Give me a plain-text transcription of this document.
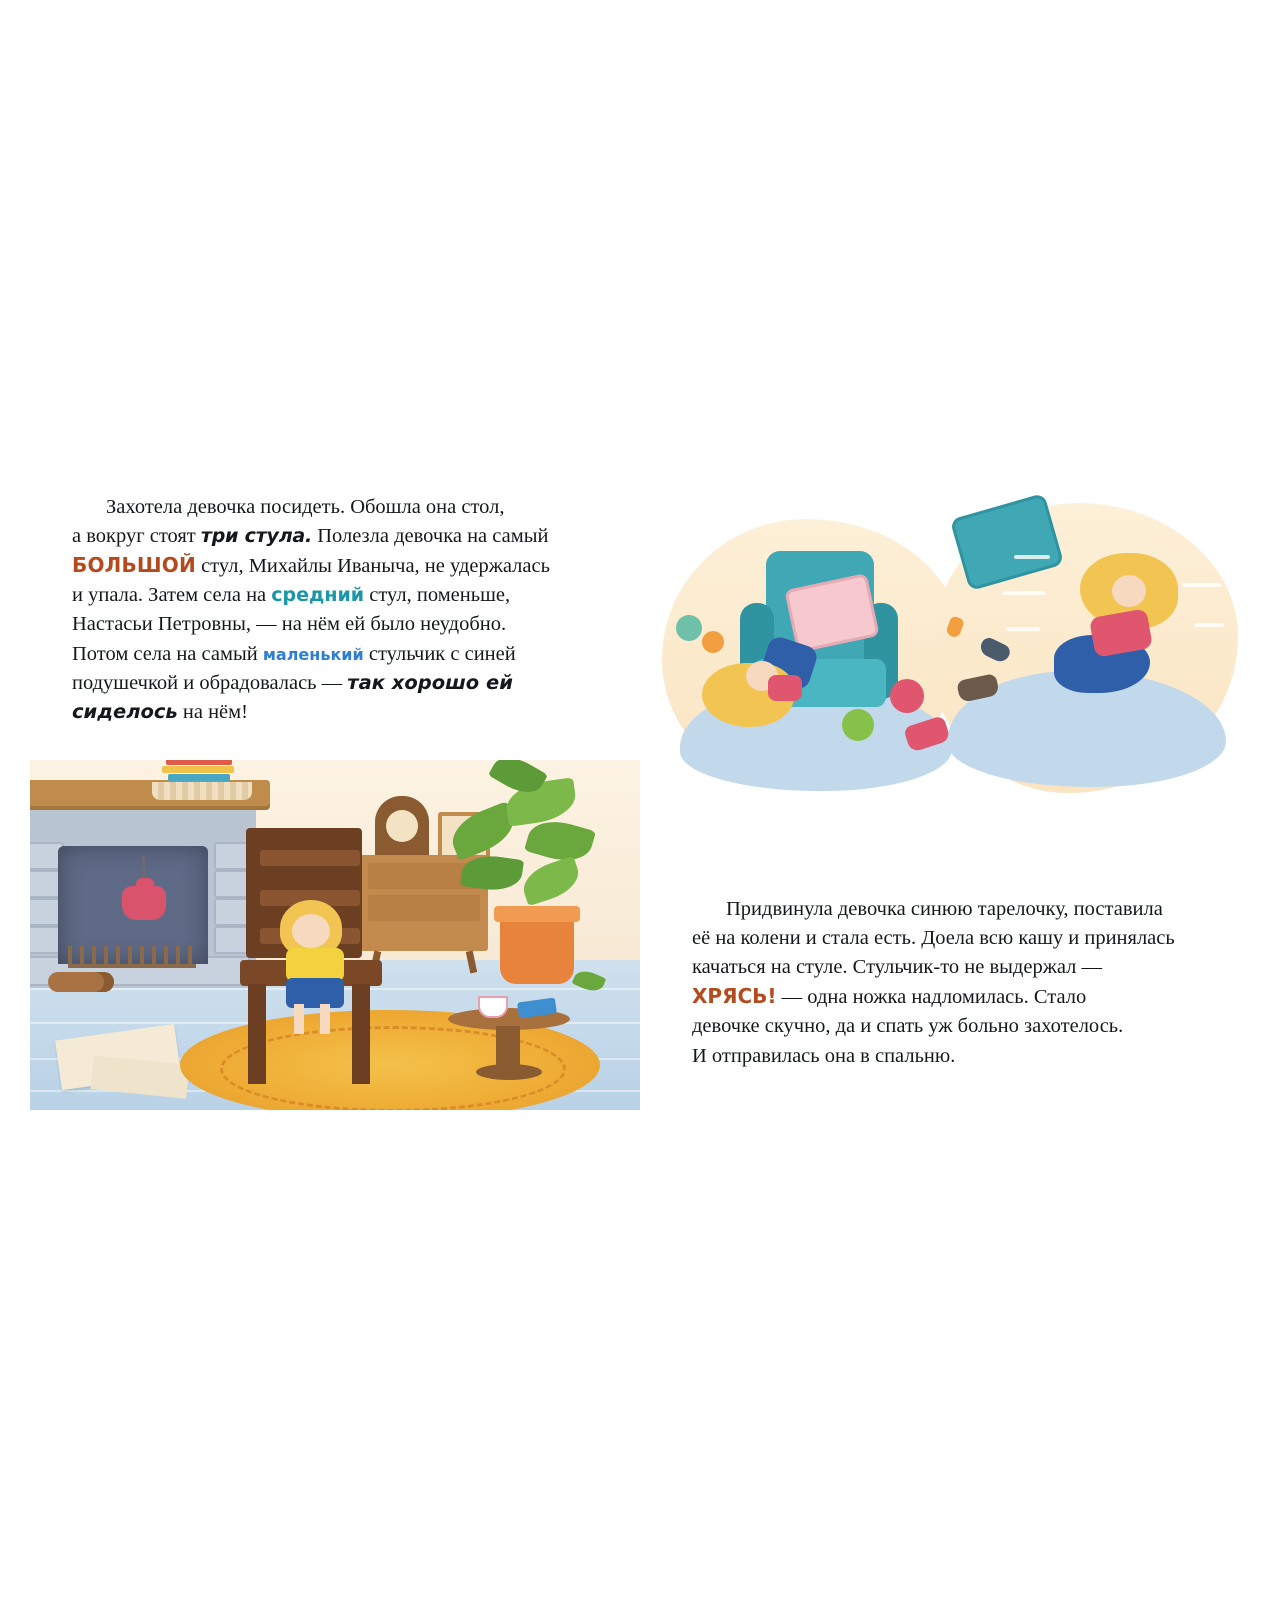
Захотела девочка посидеть. Обошла она стол,
а вокруг стоят три стула. Полезла девочка на самый
БОЛЬШОЙ стул, Михайлы Иваныча, не удержалась
и упала. Затем села на средний стул, поменьше,
Настасьи Петровны, — на нём ей было неудобно.
Потом села на самый маленький стульчик с синей
подушечкой и обрадовалась — так хорошо ей
сиделось на нём!
Придвинула девочка синюю тарелочку, поставила
её на колени и стала есть. Доела всю кашу и принялась
качаться на стуле. Стульчик-то не выдержал —
ХРЯСЬ! — одна ножка надломилась. Стало
девочке скучно, да и спать уж больно захотелось.
И отправилась она в спальню.
